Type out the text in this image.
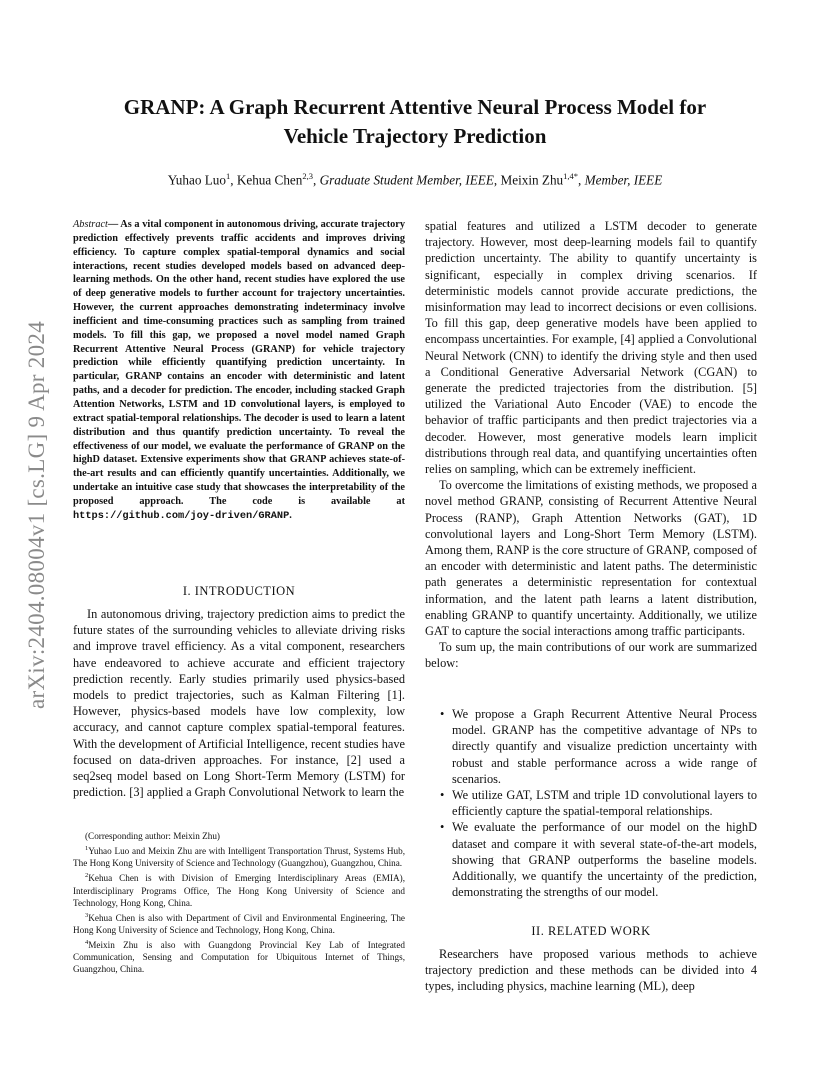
arXiv:2404.08004v1 [cs.LG] 9 Apr 2024
GRANP: A Graph Recurrent Attentive Neural Process Model for
Vehicle Trajectory Prediction
Yuhao Luo$^1$, Kehua Chen$^{2,3}$, Graduate Student Member, IEEE, Meixin Zhu$^{1,4*}$, Member, IEEE
Abstract— As a vital component in autonomous driving, accurate trajectory prediction effectively prevents traffic accidents and improves driving efficiency. To capture complex spatial-temporal dynamics and social interactions, recent studies developed models based on advanced deep-learning methods. On the other hand, recent studies have explored the use of deep generative models to further account for trajectory uncertainties. However, the current approaches demonstrating indeterminacy involve inefficient and time-consuming practices such as sampling from trained models. To fill this gap, we proposed a novel model named Graph Recurrent Attentive Neural Process (GRANP) for vehicle trajectory prediction while efficiently quantifying prediction uncertainty. In particular, GRANP contains an encoder with deterministic and latent paths, and a decoder for prediction. The encoder, including stacked Graph Attention Networks, LSTM and 1D convolutional layers, is employed to extract spatial-temporal relationships. The decoder is used to learn a latent distribution and thus quantify prediction uncertainty. To reveal the effectiveness of our model, we evaluate the performance of GRANP on the highD dataset. Extensive experiments show that GRANP achieves state-of-the-art results and can efficiently quantify uncertainties. Additionally, we undertake an intuitive case study that showcases the interpretability of the proposed approach. The code is available at https://github.com/joy-driven/GRANP.
I. INTRODUCTION

In autonomous driving, trajectory prediction aims to predict the future states of the surrounding vehicles to alleviate driving risks and improve travel efficiency. As a vital component, researchers have endeavored to achieve accurate and efficient trajectory prediction recently. Early studies primarily used physics-based models to predict trajectories, such as Kalman Filtering [1]. However, physics-based models have low complexity, low accuracy, and cannot capture complex spatial-temporal features. With the development of Artificial Intelligence, recent studies have focused on data-driven approaches. For instance, [2] used a seq2seq model based on Long Short-Term Memory (LSTM) for prediction. [3] applied a Graph Convolutional Network to learn the

(Corresponding author: Meixin Zhu)
$^1$Yuhao Luo and Meixin Zhu are with Intelligent Transportation Thrust, Systems Hub, The Hong Kong University of Science and Technology (Guangzhou), Guangzhou, China.
$^2$Kehua Chen is with Division of Emerging Interdisciplinary Areas (EMIA), Interdisciplinary Programs Office, The Hong Kong University of Science and Technology, Hong Kong, China.
$^3$Kehua Chen is also with Department of Civil and Environmental Engineering, The Hong Kong University of Science and Technology, Hong Kong, China.
$^4$Meixin Zhu is also with Guangdong Provincial Key Lab of Integrated Communication, Sensing and Computation for Ubiquitous Internet of Things, Guangzhou, China.

spatial features and utilized a LSTM decoder to generate trajectory. However, most deep-learning models fail to quantify prediction uncertainty. The ability to quantify uncertainty is significant, especially in complex driving scenarios. If deterministic models cannot provide accurate predictions, the misinformation may lead to incorrect decisions or even collisions. To fill this gap, deep generative models have been applied to encompass uncertainties. For example, [4] applied a Convolutional Neural Network (CNN) to identify the driving style and then used a Conditional Generative Adversarial Network (CGAN) to generate the predicted trajectories from the distribution. [5] utilized the Variational Auto Encoder (VAE) to encode the behavior of traffic participants and then predict trajectories via a decoder. However, most generative models learn implicit distributions through real data, and quantifying uncertainties often relies on sampling, which can be extremely inefficient.

To overcome the limitations of existing methods, we proposed a novel method GRANP, consisting of Recurrent Attentive Neural Process (RANP), Graph Attention Networks (GAT), 1D convolutional layers and Long-Short Term Memory (LSTM). Among them, RANP is the core structure of GRANP, composed of an encoder with deterministic and latent paths. The deterministic path generates a deterministic representation for contextual information, and the latent path learns a latent distribution, enabling GRANP to quantify uncertainty. Additionally, we utilize GAT to capture the social interactions among traffic participants.

To sum up, the main contributions of our work are summarized below:

• We propose a Graph Recurrent Attentive Neural Process model. GRANP has the competitive advantage of NPs to directly quantify and visualize prediction uncertainty with robust and stable performance across a wide range of scenarios.
• We utilize GAT, LSTM and triple 1D convolutional layers to efficiently capture the spatial-temporal relationships.
• We evaluate the performance of our model on the highD dataset and compare it with several state-of-the-art models, showing that GRANP outperforms the baseline models. Additionally, we quantify the uncertainty of the prediction, demonstrating the strengths of our model.
II. RELATED WORK

Researchers have proposed various methods to achieve trajectory prediction and these methods can be divided into 4 types, including physics, machine learning (ML), deep
